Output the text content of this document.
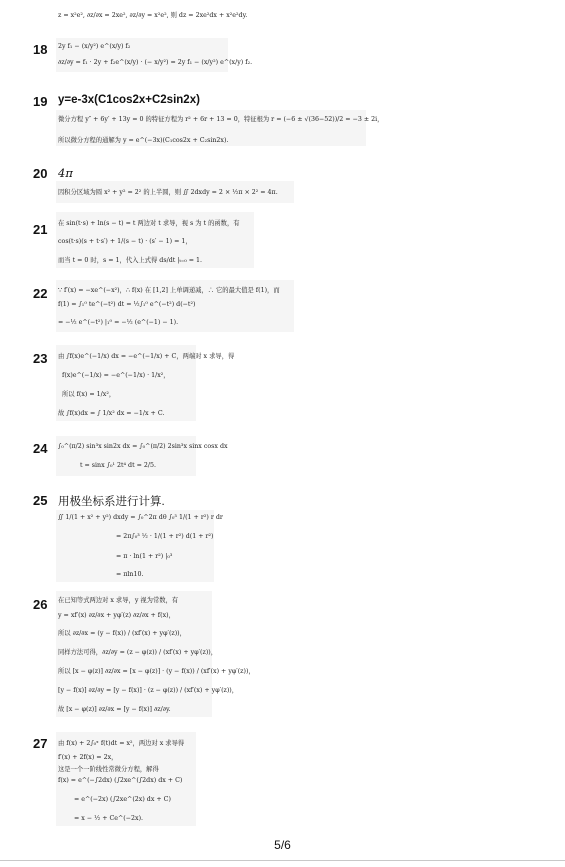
z = x²e², ∂z/∂x = 2xe², ∂z/∂y = x²e², 则 dz = 2xe²dx + x²e²dy.
18 2y f₁ − (x/y²) e^(x/y) f₂
∂z/∂y = f₁ · 2y + f₂e^(x/y) · (− x/y²) = 2y f₁ − (x/y²) e^(x/y) f₂.
19 y=e-3x(C1cos2x+C2sin2x)
微分方程 y″ + 6y′ + 13y = 0 的特征方程为 r² + 6r + 13 = 0，特征根为 r = (−6 ± √(36−52))/2 = −3 ± 2i，
所以微分方程的通解为 y = e^(−3x)(C₁cos2x + C₂sin2x).
20 4π
因积分区域为圆 x² + y² = 2² 的上半圆，则 ∬ 2dxdy = 2 × ½π × 2² = 4π.
21 在 sin(t·s) + ln(s − t) = t 两边对 t 求导，视 s 为 t 的函数，有
cos(t·s)(s + t·s′) + 1/(s − t) · (s′ − 1) = 1，
而当 t = 0 时，s = 1，代入上式得 ds/dt |ₜ₌₀ = 1.
22 ∵ f′(x) = −xe^(−x²)，∴ f(x) 在 [1,2] 上单调递减，∴ 它的最大值是 f(1)，而
f(1) = ∫₁⁰ te^(−t²) dt = ½∫₁⁰ e^(−t²) d(−t²)
= −½ e^(−t²) |₁⁰ = −½ (e^(−1) − 1).
23 由 ∫f(x)e^(−1/x) dx = −e^(−1/x) + C，两端对 x 求导，得
f(x)e^(−1/x) = −e^(−1/x) · 1/x²，
所以 f(x) = 1/x²，
故 ∫f(x)dx = ∫ 1/x² dx = −1/x + C.
24 ∫₀^(π/2) sin³x sin2x dx = ∫₀^(π/2) 2sin³x sinx cosx dx
t = sinx ∫₀¹ 2t⁴ dt = 2/5.
25 用极坐标系进行计算.
∬ 1/(1 + x² + y²) dxdy = ∫₀^2π dθ ∫₀³ 1/(1 + r²) r dr
= 2π∫₀³ ½ · 1/(1 + r²) d(1 + r²)
= π · ln(1 + r²) |₀³
= πln10.
26 在已知等式两边对 x 求导，y 视为常数，有
y = xf′(x) ∂z/∂x + yφ′(z) ∂z/∂x + f(x)，
所以 ∂z/∂x = (y − f(x)) / (xf′(x) + yφ′(z))，
同样方法可得，∂z/∂y = (z − φ(z)) / (xf′(x) + yφ′(z))，
所以 [x − φ(z)] ∂z/∂x = [x − φ(z)] · (y − f(x)) / (xf′(x) + yφ′(z))，
[y − f(x)] ∂z/∂y = [y − f(x)] · (z − φ(z)) / (xf′(x) + yφ′(z))，
故 [x − φ(z)] ∂z/∂x = [y − f(x)] ∂z/∂y.
27 由 f(x) + 2∫₀ˣ f(t)dt = x²，两边对 x 求导得
f′(x) + 2f(x) = 2x，
这是一个一阶线性常微分方程，解得
f(x) = e^(−∫2dx) (∫2xe^(∫2dx) dx + C)
= e^(−2x) (∫2xe^(2x) dx + C)
= x − ½ + Ce^(−2x).
5/6
